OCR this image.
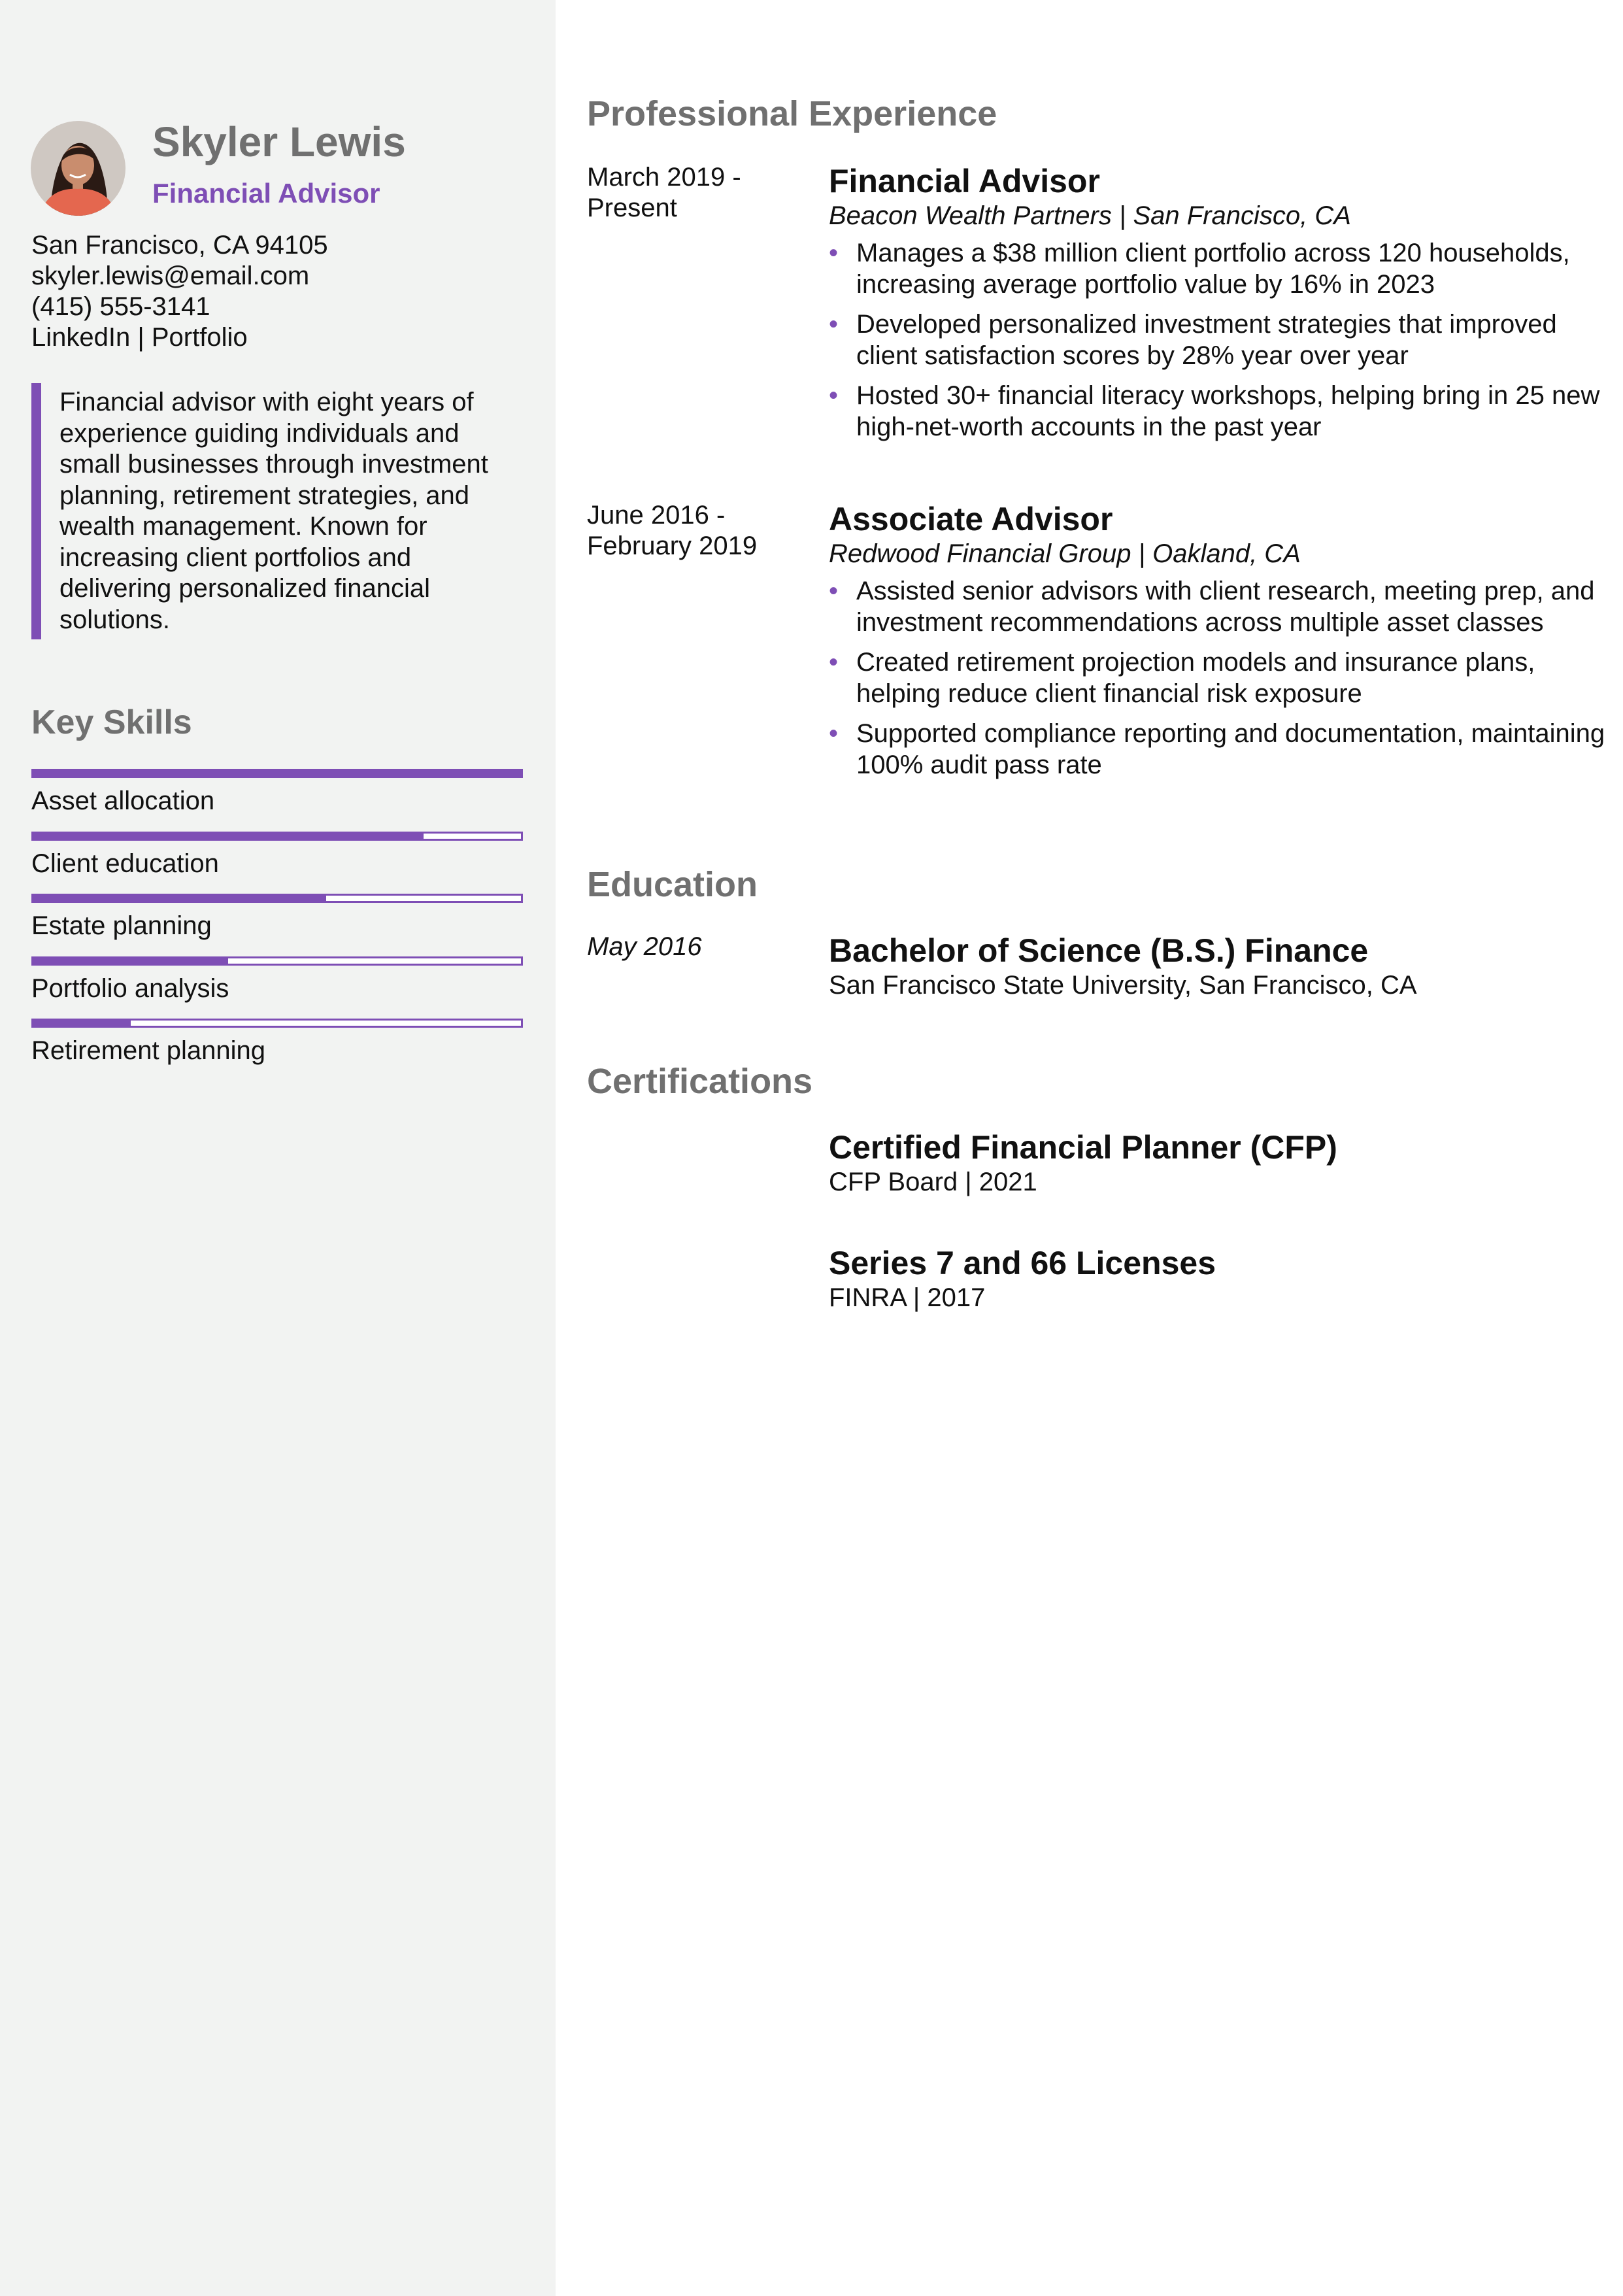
Skyler Lewis
Financial Advisor
San Francisco, CA 94105
skyler.lewis@email.com
(415) 555-3141
LinkedIn | Portfolio
Financial advisor with eight years of experience guiding individuals and small businesses through investment planning, retirement strategies, and wealth management. Known for increasing client portfolios and delivering personalized financial solutions.
Key Skills
Asset allocation
Client education
Estate planning
Portfolio analysis
Retirement planning
Professional Experience
March 2019 - Present
Financial Advisor
Beacon Wealth Partners | San Francisco, CA
• Manages a $38 million client portfolio across 120 households, increasing average portfolio value by 16% in 2023
• Developed personalized investment strategies that improved client satisfaction scores by 28% year over year
• Hosted 30+ financial literacy workshops, helping bring in 25 new high-net-worth accounts in the past year
June 2016 - February 2019
Associate Advisor
Redwood Financial Group | Oakland, CA
• Assisted senior advisors with client research, meeting prep, and investment recommendations across multiple asset classes
• Created retirement projection models and insurance plans, helping reduce client financial risk exposure
• Supported compliance reporting and documentation, maintaining 100% audit pass rate
Education
May 2016	Bachelor of Science (B.S.) Finance
San Francisco State University, San Francisco, CA
Certifications
Certified Financial Planner (CFP)
CFP Board | 2021
Series 7 and 66 Licenses
FINRA | 2017
